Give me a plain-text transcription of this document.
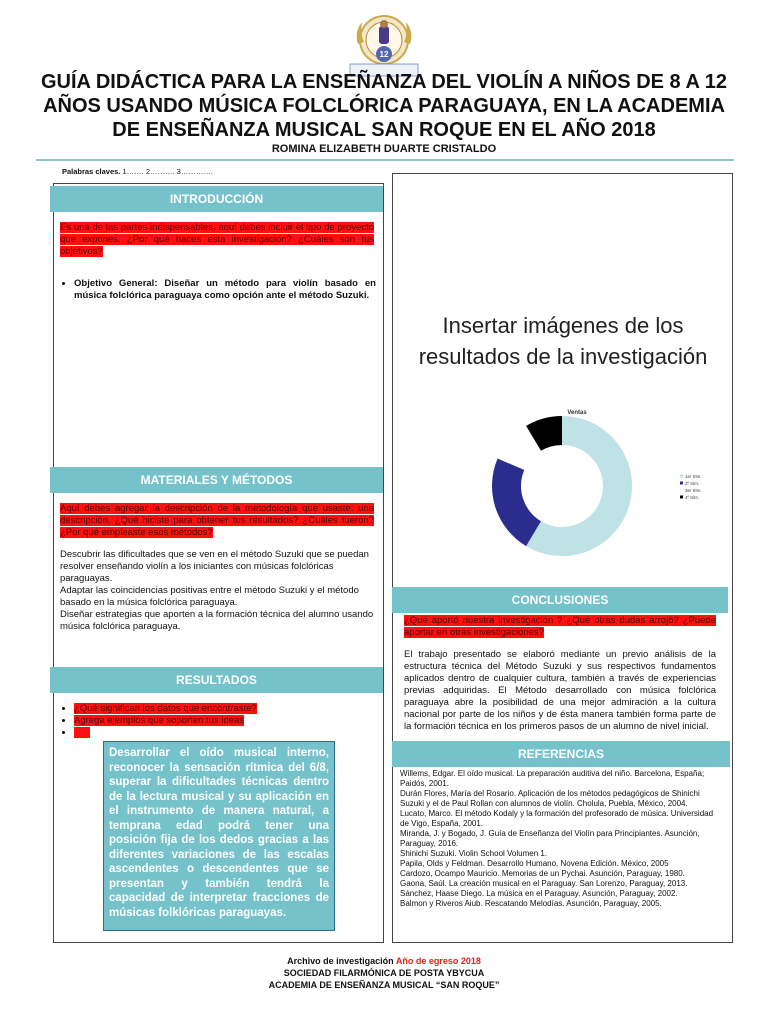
12
GUÍA DIDÁCTICA PARA LA ENSEÑANZA DEL VIOLÍN A NIÑOS DE 8 A 12 AÑOS USANDO MÚSICA FOLCLÓRICA PARAGUAYA, EN LA ACADEMIA DE ENSEÑANZA MUSICAL SAN ROQUE EN EL AÑO 2018
ROMINA ELIZABETH DUARTE CRISTALDO
Palabras claves. 1……. 2………. 3………….
INTRODUCCIÓN
Es una de las partes indispensables, aquí debes incluir el tipo de proyecto que expones. ¿Por qué haces esta investigación? ¿Cuáles son tus objetivos?
• Objetivo General: Diseñar un método para violín basado en música folclórica paraguaya como opción ante el método Suzuki.
MATERIALES Y MÉTODOS
Aquí debes agregar la descripción de la metodología que usaste: una descripción. ¿Qué hiciste para obtener tus resultados? ¿Cuáles fueron? ¿Por qué empleaste esos métodos?
Descubrir las dificultades que se ven en el método Suzuki que se puedan
resolver enseñando violín a los iniciantes con músicas folclóricas paraguayas.
Adaptar las coincidencias positivas entre el método Suzuki y el método basado en la música folclórica paraguaya.
Diseñar estrategias que aporten a la formación técnica del alumno usando música folclórica paraguaya.
RESULTADOS
• ¿Qué significan los datos que encontraste?
• Agrega ejemplos que soporten tus ideas
• Etc.
Desarrollar el oído musical interno, reconocer la sensación rítmica del 6/8, superar la dificultades técnicas dentro de la lectura musical y su aplicación en el instrumento de manera natural, a temprana edad podrá tener una posición fija de los dedos gracias a las diferentes variaciones de las escalas ascendentes o descendentes que se presentan y también tendrá la capacidad de interpretar fracciones de músicas folklóricas paraguayas.
Insertar imágenes de los resultados de la investigación
Ventas
1er trim.
2º trim.
3er trim.
4º trim.
CONCLUSIONES
¿Qué aportó nuestra investigación ? ¿Qué otras dudas arrojó? ¿Puede aportar en otras investigaciones?
El trabajo presentado se elaboró mediante un previo análisis de la estructura técnica del Método Suzuki y sus respectivos fundamentos aplicados dentro de cualquier cultura, también a través de experiencias previas adquiridas. El Método desarrollado con música folclórica paraguaya abre la posibilidad de una mejor admiración a la cultura nacional por parte de los niños y de ésta manera también forma parte de la formación técnica en los primeros pasos de un alumno de nivel inicial.
REFERENCIAS
Willems, Edgar. El oído musical. La preparación auditiva del niño. Barcelona, España; Paidós, 2001.
Durán Flores, María del Rosario. Aplicación de los métodos pedagógicos de Shinichi Suzuki y el de Paul Rollan con alumnos de violín. Cholula, Puebla, México, 2004.
Lucato, Marco. El método Kodaly y la formación del profesorado de música. Universidad de Vigo, España, 2001.
Miranda, J. y Bogado, J. Guía de Enseñanza del Violín para Principiantes. Asunción, Paraguay, 2016.
Shinichi Suzuki. Violin School Volumen 1.
Papila, Olds y Feldman. Desarrollo Humano. Novena Edición. México, 2005
Cardozo, Ocampo Mauricio. Memorias de un Pychai. Asunción, Paraguay, 1980.
Gaona, Saúl. La creación musical en el Paraguay. San Lorenzo, Paraguay, 2013.
Sánchez, Haase Diego. La música en el Paraguay. Asunción, Paraguay, 2002.
Balmon y Riveros Aiub. Rescatando Melodías. Asunción, Paraguay, 2005.
Archivo de investigación Año de egreso 2018
SOCIEDAD FILARMÓNICA DE POSTA YBYCUA
ACADEMIA DE ENSEÑANZA MUSICAL “SAN ROQUE”
